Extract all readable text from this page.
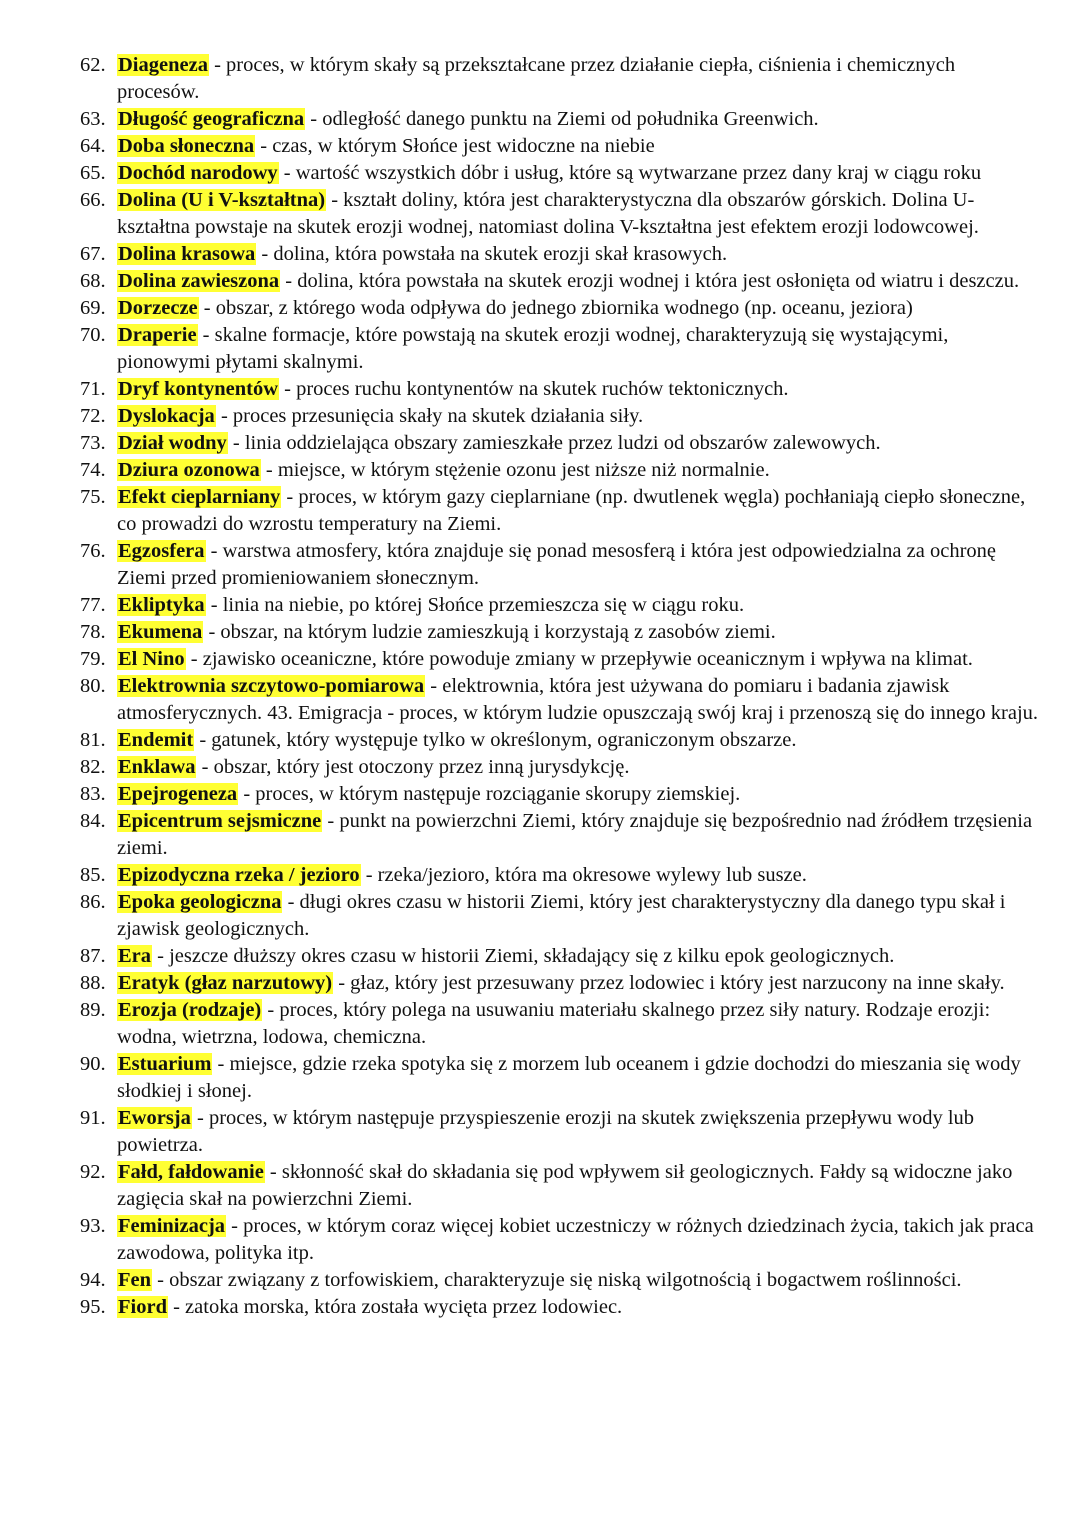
62. Diageneza - proces, w którym skały są przekształcane przez działanie ciepła, ciśnienia i chemicznych procesów.
63. Długość geograficzna - odległość danego punktu na Ziemi od południka Greenwich.
64. Doba słoneczna - czas, w którym Słońce jest widoczne na niebie
65. Dochód narodowy - wartość wszystkich dóbr i usług, które są wytwarzane przez dany kraj w ciągu roku
66. Dolina (U i V-kształtna) - kształt doliny, która jest charakterystyczna dla obszarów górskich. Dolina U-kształtna powstaje na skutek erozji wodnej, natomiast dolina V-kształtna jest efektem erozji lodowcowej.
67. Dolina krasowa - dolina, która powstała na skutek erozji skał krasowych.
68. Dolina zawieszona - dolina, która powstała na skutek erozji wodnej i która jest osłonięta od wiatru i deszczu.
69. Dorzecze - obszar, z którego woda odpływa do jednego zbiornika wodnego (np. oceanu, jeziora)
70. Draperie - skalne formacje, które powstają na skutek erozji wodnej, charakteryzują się wystającymi, pionowymi płytami skalnymi.
71. Dryf kontynentów - proces ruchu kontynentów na skutek ruchów tektonicznych.
72. Dyslokacja - proces przesunięcia skały na skutek działania siły.
73. Dział wodny - linia oddzielająca obszary zamieszkałe przez ludzi od obszarów zalewowych.
74. Dziura ozonowa - miejsce, w którym stężenie ozonu jest niższe niż normalnie.
75. Efekt cieplarniany - proces, w którym gazy cieplarniane (np. dwutlenek węgla) pochłaniają ciepło słoneczne, co prowadzi do wzrostu temperatury na Ziemi.
76. Egzosfera - warstwa atmosfery, która znajduje się ponad mesosferą i która jest odpowiedzialna za ochronę Ziemi przed promieniowaniem słonecznym.
77. Ekliptyka - linia na niebie, po której Słońce przemieszcza się w ciągu roku.
78. Ekumena - obszar, na którym ludzie zamieszkują i korzystają z zasobów ziemi.
79. El Nino - zjawisko oceaniczne, które powoduje zmiany w przepływie oceanicznym i wpływa na klimat.
80. Elektrownia szczytowo-pomiarowa - elektrownia, która jest używana do pomiaru i badania zjawisk atmosferycznych. 43. Emigracja - proces, w którym ludzie opuszczają swój kraj i przenoszą się do innego kraju.
81. Endemit - gatunek, który występuje tylko w określonym, ograniczonym obszarze.
82. Enklawa - obszar, który jest otoczony przez inną jurysdykcję.
83. Epejrogeneza - proces, w którym następuje rozciąganie skorupy ziemskiej.
84. Epicentrum sejsmiczne - punkt na powierzchni Ziemi, który znajduje się bezpośrednio nad źródłem trzęsienia ziemi.
85. Epizodyczna rzeka / jezioro - rzeka/jezioro, która ma okresowe wylewy lub susze.
86. Epoka geologiczna - długi okres czasu w historii Ziemi, który jest charakterystyczny dla danego typu skał i zjawisk geologicznych.
87. Era - jeszcze dłuższy okres czasu w historii Ziemi, składający się z kilku epok geologicznych.
88. Eratyk (głaz narzutowy) - głaz, który jest przesuwany przez lodowiec i który jest narzucony na inne skały.
89. Erozja (rodzaje) - proces, który polega na usuwaniu materiału skalnego przez siły natury. Rodzaje erozji: wodna, wietrzna, lodowa, chemiczna.
90. Estuarium - miejsce, gdzie rzeka spotyka się z morzem lub oceanem i gdzie dochodzi do mieszania się wody słodkiej i słonej.
91. Eworsja - proces, w którym następuje przyspieszenie erozji na skutek zwiększenia przepływu wody lub powietrza.
92. Fałd, fałdowanie - skłonność skał do składania się pod wpływem sił geologicznych. Fałdy są widoczne jako zagięcia skał na powierzchni Ziemi.
93. Feminizacja - proces, w którym coraz więcej kobiet uczestniczy w różnych dziedzinach życia, takich jak praca zawodowa, polityka itp.
94. Fen - obszar związany z torfowiskiem, charakteryzuje się niską wilgotnością i bogactwem roślinności.
95. Fiord - zatoka morska, która została wycięta przez lodowiec.
